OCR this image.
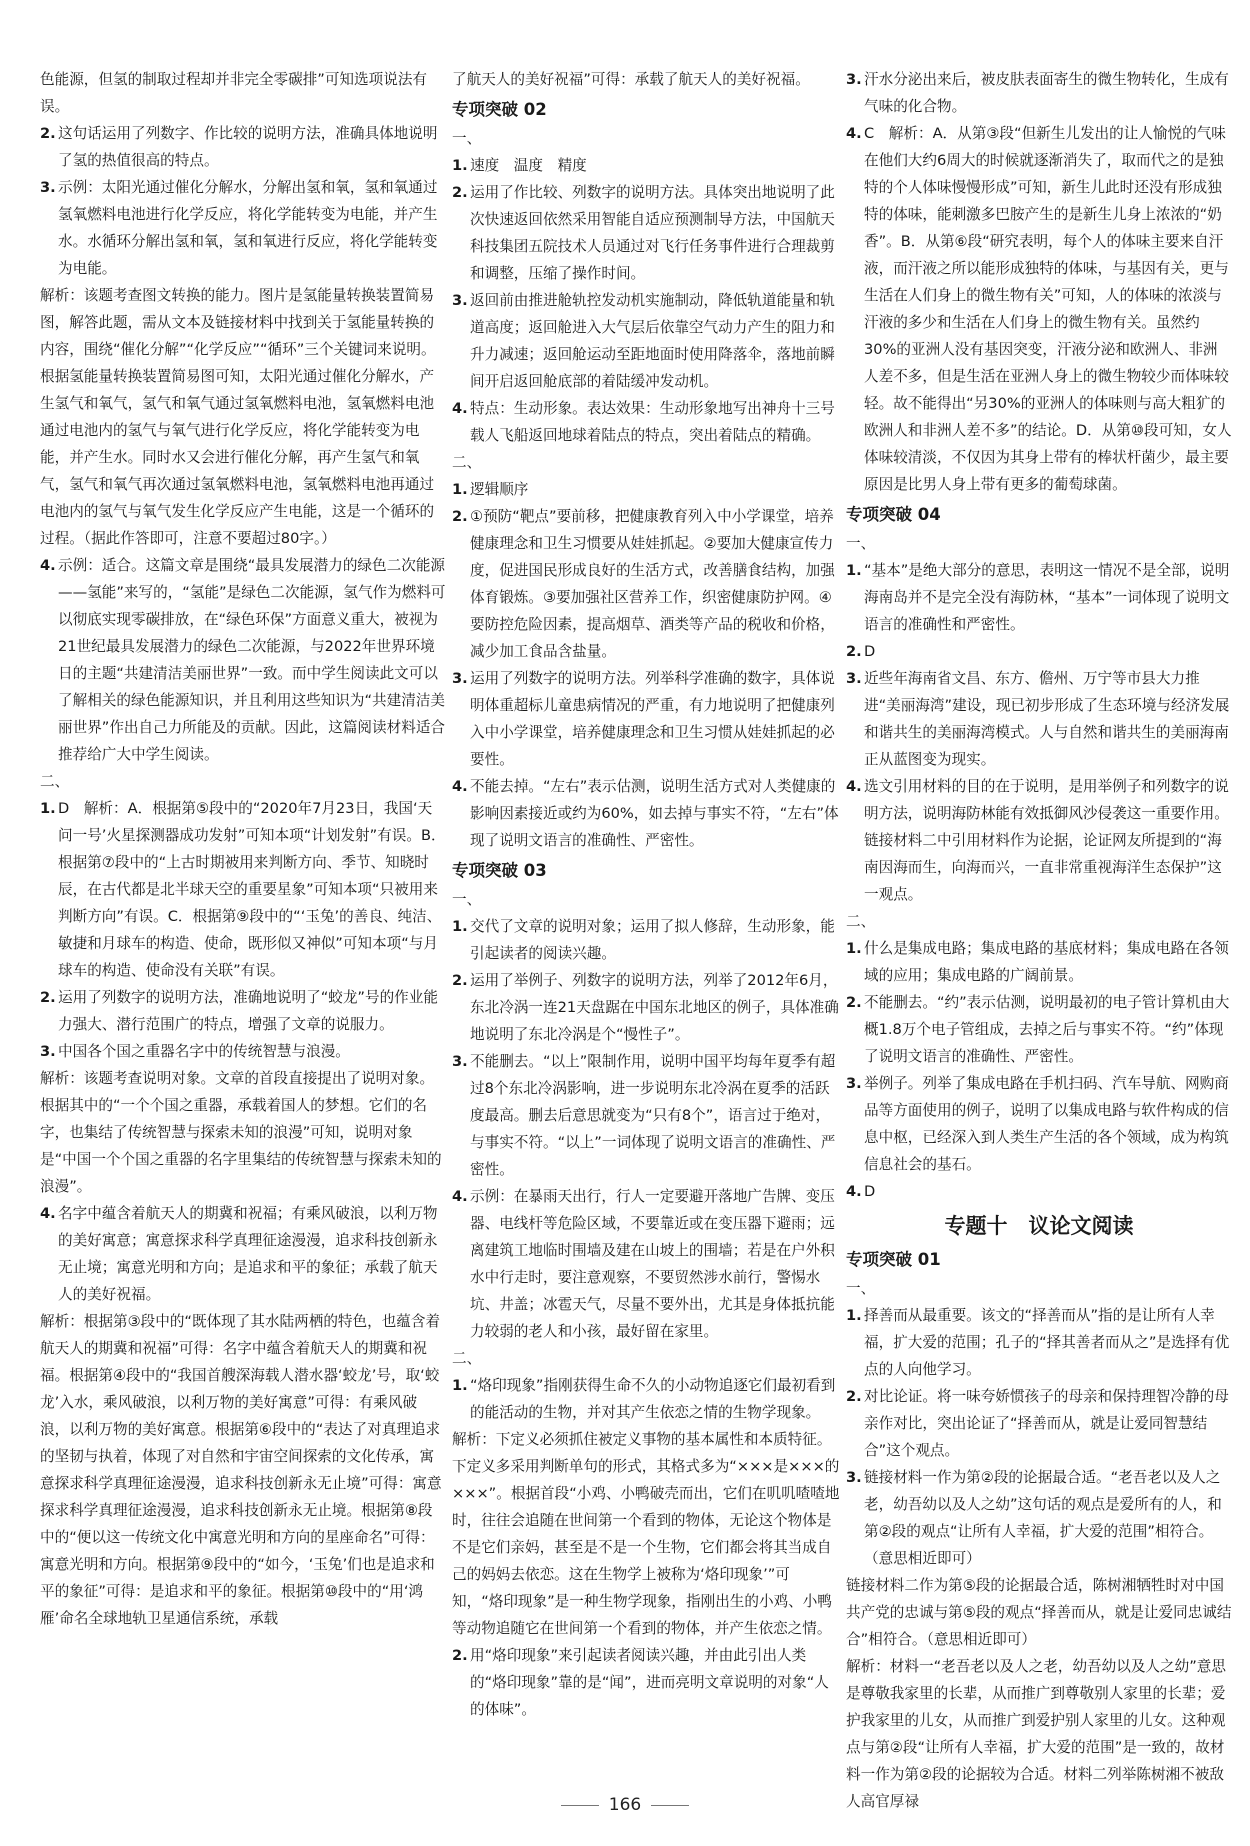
色能源，但氢的制取过程却并非完全零碳排”可知选项说法有误。
2. 这句话运用了列数字、作比较的说明方法，准确具体地说明了氢的热值很高的特点。
3. 示例：太阳光通过催化分解水，分解出氢和氧，氢和氧通过氢氧燃料电池进行化学反应，将化学能转变为电能，并产生水。水循环分解出氢和氧，氢和氧进行反应，将化学能转变为电能。
解析：该题考查图文转换的能力。图片是氢能量转换装置简易图，解答此题，需从文本及链接材料中找到关于氢能量转换的内容，围绕“催化分解”“化学反应”“循环”三个关键词来说明。根据氢能量转换装置简易图可知，太阳光通过催化分解水，产生氢气和氧气，氢气和氧气通过氢氧燃料电池，氢氧燃料电池通过电池内的氢气与氧气进行化学反应，将化学能转变为电能，并产生水。同时水又会进行催化分解，再产生氢气和氧气，氢气和氧气再次通过氢氧燃料电池，氢氧燃料电池再通过电池内的氢气与氧气发生化学反应产生电能，这是一个循环的过程。（据此作答即可，注意不要超过80字。）
4. 示例：适合。这篇文章是围绕“最具发展潜力的绿色二次能源——氢能”来写的，“氢能”是绿色二次能源，氢气作为燃料可以彻底实现零碳排放，在“绿色环保”方面意义重大，被视为21世纪最具发展潜力的绿色二次能源，与2022年世界环境日的主题“共建清洁美丽世界”一致。而中学生阅读此文可以了解相关的绿色能源知识，并且利用这些知识为“共建清洁美丽世界”作出自己力所能及的贡献。因此，这篇阅读材料适合推荐给广大中学生阅读。
二、
1. D　解析：A．根据第⑤段中的“2020年7月23日，我国‘天问一号’火星探测器成功发射”可知本项“计划发射”有误。B．根据第⑦段中的“上古时期被用来判断方向、季节、知晓时辰，在古代都是北半球天空的重要星象”可知本项“只被用来判断方向”有误。C．根据第⑨段中的“‘玉兔’的善良、纯洁、敏捷和月球车的构造、使命，既形似又神似”可知本项“与月球车的构造、使命没有关联”有误。
2. 运用了列数字的说明方法，准确地说明了“蛟龙”号的作业能力强大、潜行范围广的特点，增强了文章的说服力。
3. 中国各个国之重器名字中的传统智慧与浪漫。
解析：该题考查说明对象。文章的首段直接提出了说明对象。根据其中的“一个个国之重器，承载着国人的梦想。它们的名字，也集结了传统智慧与探索未知的浪漫”可知，说明对象是“中国一个个国之重器的名字里集结的传统智慧与探索未知的浪漫”。
4. 名字中蕴含着航天人的期冀和祝福；有乘风破浪，以利万物的美好寓意；寓意探求科学真理征途漫漫，追求科技创新永无止境；寓意光明和方向；是追求和平的象征；承载了航天人的美好祝福。
解析：根据第③段中的“既体现了其水陆两栖的特色，也蕴含着航天人的期冀和祝福”可得：名字中蕴含着航天人的期冀和祝福。根据第④段中的“我国首艘深海载人潜水器‘蛟龙’号，取‘蛟龙’入水，乘风破浪，以利万物的美好寓意”可得：有乘风破浪，以利万物的美好寓意。根据第⑥段中的“表达了对真理追求的坚韧与执着，体现了对自然和宇宙空间探索的文化传承，寓意探求科学真理征途漫漫，追求科技创新永无止境”可得：寓意探求科学真理征途漫漫，追求科技创新永无止境。根据第⑧段中的“便以这一传统文化中寓意光明和方向的星座命名”可得：寓意光明和方向。根据第⑨段中的“如今，‘玉兔’们也是追求和平的象征”可得：是追求和平的象征。根据第⑩段中的“用‘鸿雁’命名全球地轨卫星通信系统，承载
了航天人的美好祝福”可得：承载了航天人的美好祝福。
专项突破 02
一、
1. 速度　温度　精度
2. 运用了作比较、列数字的说明方法。具体突出地说明了此次快速返回依然采用智能自适应预测制导方法，中国航天科技集团五院技术人员通过对飞行任务事件进行合理裁剪和调整，压缩了操作时间。
3. 返回前由推进舱轨控发动机实施制动，降低轨道能量和轨道高度；返回舱进入大气层后依靠空气动力产生的阻力和升力减速；返回舱运动至距地面时使用降落伞，落地前瞬间开启返回舱底部的着陆缓冲发动机。
4. 特点：生动形象。表达效果：生动形象地写出神舟十三号载人飞船返回地球着陆点的特点，突出着陆点的精确。
二、
1. 逻辑顺序
2. ①预防“靶点”要前移，把健康教育列入中小学课堂，培养健康理念和卫生习惯要从娃娃抓起。②要加大健康宣传力度，促进国民形成良好的生活方式，改善膳食结构，加强体育锻炼。③要加强社区营养工作，织密健康防护网。④要防控危险因素，提高烟草、酒类等产品的税收和价格，减少加工食品含盐量。
3. 运用了列数字的说明方法。列举科学准确的数字，具体说明体重超标儿童患病情况的严重，有力地说明了把健康列入中小学课堂，培养健康理念和卫生习惯从娃娃抓起的必要性。
4. 不能去掉。“左右”表示估测，说明生活方式对人类健康的影响因素接近或约为60%，如去掉与事实不符，“左右”体现了说明文语言的准确性、严密性。
专项突破 03
一、
1. 交代了文章的说明对象；运用了拟人修辞，生动形象，能引起读者的阅读兴趣。
2. 运用了举例子、列数字的说明方法，列举了2012年6月，东北冷涡一连21天盘踞在中国东北地区的例子，具体准确地说明了东北冷涡是个“慢性子”。
3. 不能删去。“以上”限制作用，说明中国平均每年夏季有超过8个东北冷涡影响，进一步说明东北冷涡在夏季的活跃度最高。删去后意思就变为“只有8个”，语言过于绝对，与事实不符。“以上”一词体现了说明文语言的准确性、严密性。
4. 示例：在暴雨天出行，行人一定要避开落地广告牌、变压器、电线杆等危险区域，不要靠近或在变压器下避雨；远离建筑工地临时围墙及建在山坡上的围墙；若是在户外积水中行走时，要注意观察，不要贸然涉水前行，警惕水坑、井盖；冰雹天气，尽量不要外出，尤其是身体抵抗能力较弱的老人和小孩，最好留在家里。
二、
1. “烙印现象”指刚获得生命不久的小动物追逐它们最初看到的能活动的生物，并对其产生依恋之情的生物学现象。
解析：下定义必须抓住被定义事物的基本属性和本质特征。下定义多采用判断单句的形式，其格式多为“×××是×××的×××”。根据首段“小鸡、小鸭破壳而出，它们在叽叽喳喳地时，往往会追随在世间第一个看到的物体，无论这个物体是不是它们亲妈，甚至是不是一个生物，它们都会将其当成自己的妈妈去依恋。这在生物学上被称为‘烙印现象’”可知，“烙印现象”是一种生物学现象，指刚出生的小鸡、小鸭等动物追随它在世间第一个看到的物体，并产生依恋之情。
2. 用“烙印现象”来引起读者阅读兴趣，并由此引出人类的“烙印现象”靠的是“闻”，进而亮明文章说明的对象“人的体味”。
3. 汗水分泌出来后，被皮肤表面寄生的微生物转化，生成有气味的化合物。
4. C　解析：A．从第③段“但新生儿发出的让人愉悦的气味在他们大约6周大的时候就逐渐消失了，取而代之的是独特的个人体味慢慢形成”可知，新生儿此时还没有形成独特的体味，能刺激多巴胺产生的是新生儿身上浓浓的“奶香”。B．从第⑥段“研究表明，每个人的体味主要来自汗液，而汗液之所以能形成独特的体味，与基因有关，更与生活在人们身上的微生物有关”可知，人的体味的浓淡与汗液的多少和生活在人们身上的微生物有关。虽然约30%的亚洲人没有基因突变，汗液分泌和欧洲人、非洲人差不多，但是生活在亚洲人身上的微生物较少而体味较轻。故不能得出“另30%的亚洲人的体味则与高大粗犷的欧洲人和非洲人差不多”的结论。D．从第⑩段可知，女人体味较清淡，不仅因为其身上带有的棒状杆菌少，最主要原因是比男人身上带有更多的葡萄球菌。
专项突破 04
一、
1. “基本”是绝大部分的意思，表明这一情况不是全部，说明海南岛并不是完全没有海防林，“基本”一词体现了说明文语言的准确性和严密性。
2. D
3. 近些年海南省文昌、东方、儋州、万宁等市县大力推进“美丽海湾”建设，现已初步形成了生态环境与经济发展和谐共生的美丽海湾模式。人与自然和谐共生的美丽海南正从蓝图变为现实。
4. 选文引用材料的目的在于说明，是用举例子和列数字的说明方法，说明海防林能有效抵御风沙侵袭这一重要作用。链接材料二中引用材料作为论据，论证网友所提到的“海南因海而生，向海而兴，一直非常重视海洋生态保护”这一观点。
二、
1. 什么是集成电路；集成电路的基底材料；集成电路在各领域的应用；集成电路的广阔前景。
2. 不能删去。“约”表示估测，说明最初的电子管计算机由大概1.8万个电子管组成，去掉之后与事实不符。“约”体现了说明文语言的准确性、严密性。
3. 举例子。列举了集成电路在手机扫码、汽车导航、网购商品等方面使用的例子，说明了以集成电路与软件构成的信息中枢，已经深入到人类生产生活的各个领域，成为构筑信息社会的基石。
4. D
专题十　议论文阅读
专项突破 01
一、
1. 择善而从最重要。该文的“择善而从”指的是让所有人幸福，扩大爱的范围；孔子的“择其善者而从之”是选择有优点的人向他学习。
2. 对比论证。将一味夸娇惯孩子的母亲和保持理智冷静的母亲作对比，突出论证了“择善而从，就是让爱同智慧结合”这个观点。
3. 链接材料一作为第②段的论据最合适。“老吾老以及人之老，幼吾幼以及人之幼”这句话的观点是爱所有的人，和第②段的观点“让所有人幸福，扩大爱的范围”相符合。（意思相近即可）
链接材料二作为第⑤段的论据最合适，陈树湘牺牲时对中国共产党的忠诚与第⑤段的观点“择善而从，就是让爱同忠诚结合”相符合。（意思相近即可）
解析：材料一“老吾老以及人之老，幼吾幼以及人之幼”意思是尊敬我家里的长辈，从而推广到尊敬别人家里的长辈；爱护我家里的儿女，从而推广到爱护别人家里的儿女。这种观点与第②段“让所有人幸福，扩大爱的范围”是一致的，故材料一作为第②段的论据较为合适。材料二列举陈树湘不被敌人高官厚禄
166
